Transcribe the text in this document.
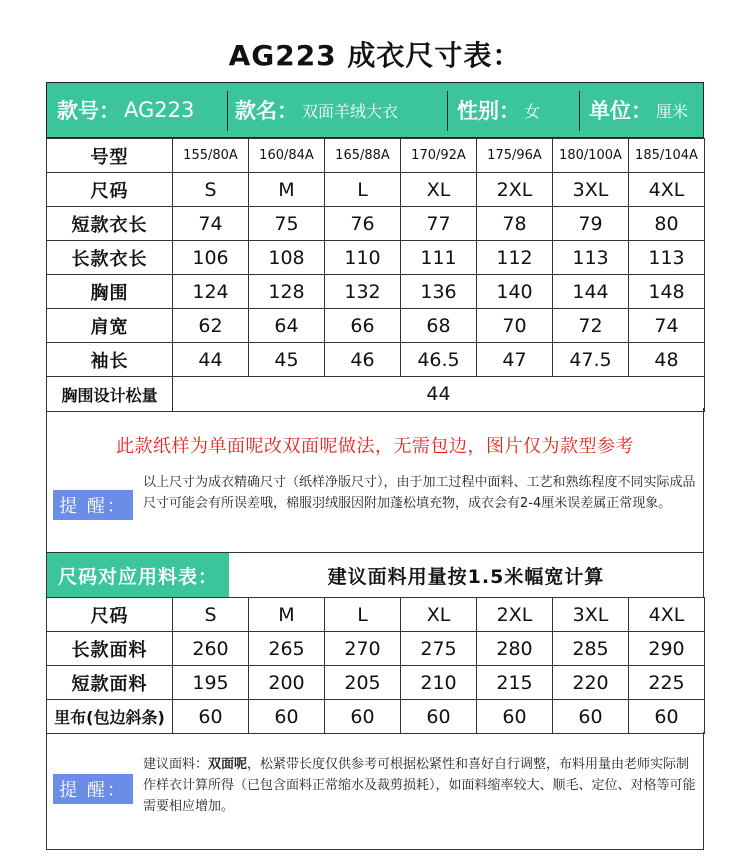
AG223 成衣尺寸表：
款号： AG223 款名： 双面羊绒大衣	性别： 女 单位： 厘米
号型	155/80A	160/84A	165/88A	170/92A	175/96A	180/100A	185/104A
尺码	S	M	L	XL	2XL	3XL	4XL
短款衣长	74	75	76	77	78	79	80
长款衣长	106	108	110	111	112	113	113
胸围	124	128	132	136	140	144	148
肩宽	62	64	66	68	70	72	74
袖长	44	45	46	46.5	47	47.5	48
胸围设计松量	44						
此款纸样为单面呢改双面呢做法，无需包边，图片仅为款型参考
提 醒：
以上尺寸为成衣精确尺寸（纸样净版尺寸），由于加工过程中面料、工艺和熟练程度不同实际成品尺寸可能会有所误差哦，棉服羽绒服因附加蓬松填充物，成衣会有2-4厘米误差属正常现象。
尺码对应用料表：	建议面料用量按1.5米幅宽计算
尺码	S	M	L	XL	2XL	3XL	4XL
长款面料	260	265	270	275	280	285	290
短款面料	195	200	205	210	215	220	225
里布(包边斜条)	60	60	60	60	60	60	60
提 醒：
建议面料：双面呢，松紧带长度仅供参考可根据松紧性和喜好自行调整，布料用量由老师实际制作样衣计算所得（已包含面料正常缩水及裁剪损耗），如面料缩率较大、顺毛、定位、对格等可能需要相应增加。
